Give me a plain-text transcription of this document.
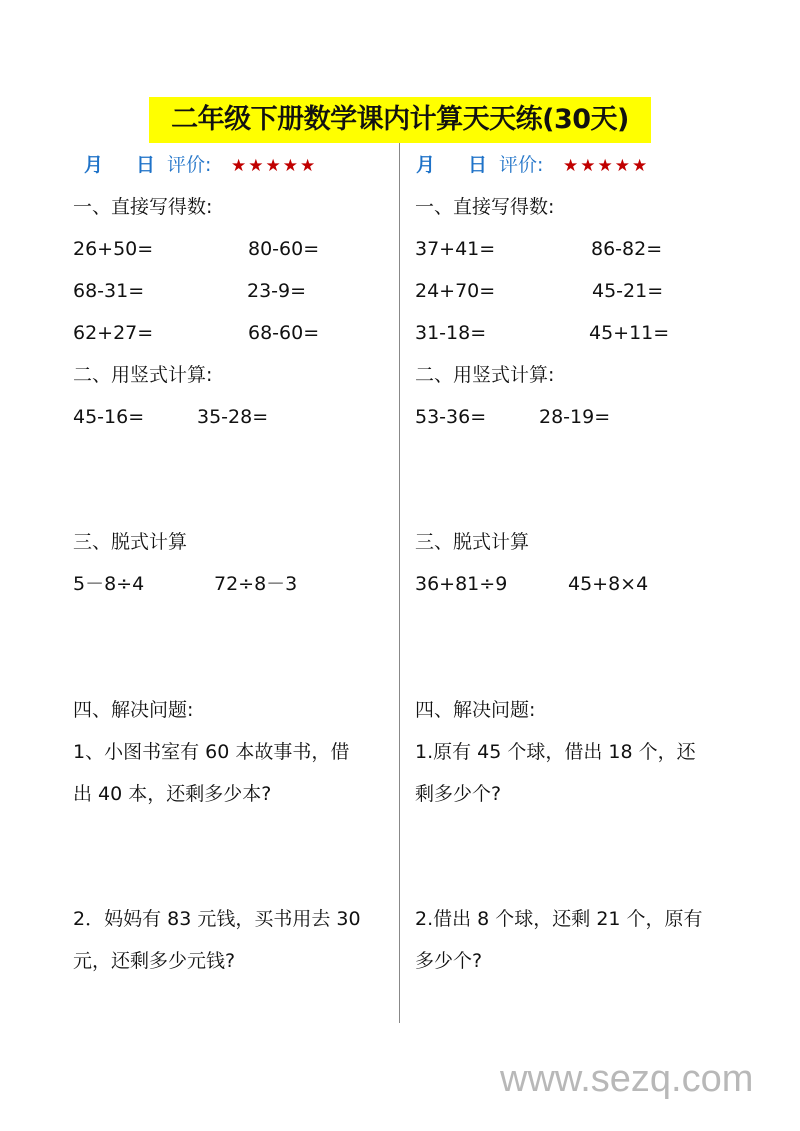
二年级下册数学课内计算天天练(30天)
月 日 评价: ★★★★★
一、直接写得数:
26+50=	80-60=
68-31=	23-9=
62+27=	68-60=
二、用竖式计算:
45-16=	35-28=
三、脱式计算
5－8÷4	72÷8－3
四、解决问题:
1、小图书室有 60 本故事书，借
出 40 本，还剩多少本?
2．妈妈有 83 元钱，买书用去 30
元，还剩多少元钱?
月 日 评价: ★★★★★
一、直接写得数:
37+41=	86-82=
24+70=	45-21=
31-18=	45+11=
二、用竖式计算:
53-36=	28-19=
三、脱式计算
36+81÷9	45+8×4
四、解决问题:
1.原有 45 个球，借出 18 个，还
剩多少个?
2.借出 8 个球，还剩 21 个，原有
多少个?
www.sezq.com
